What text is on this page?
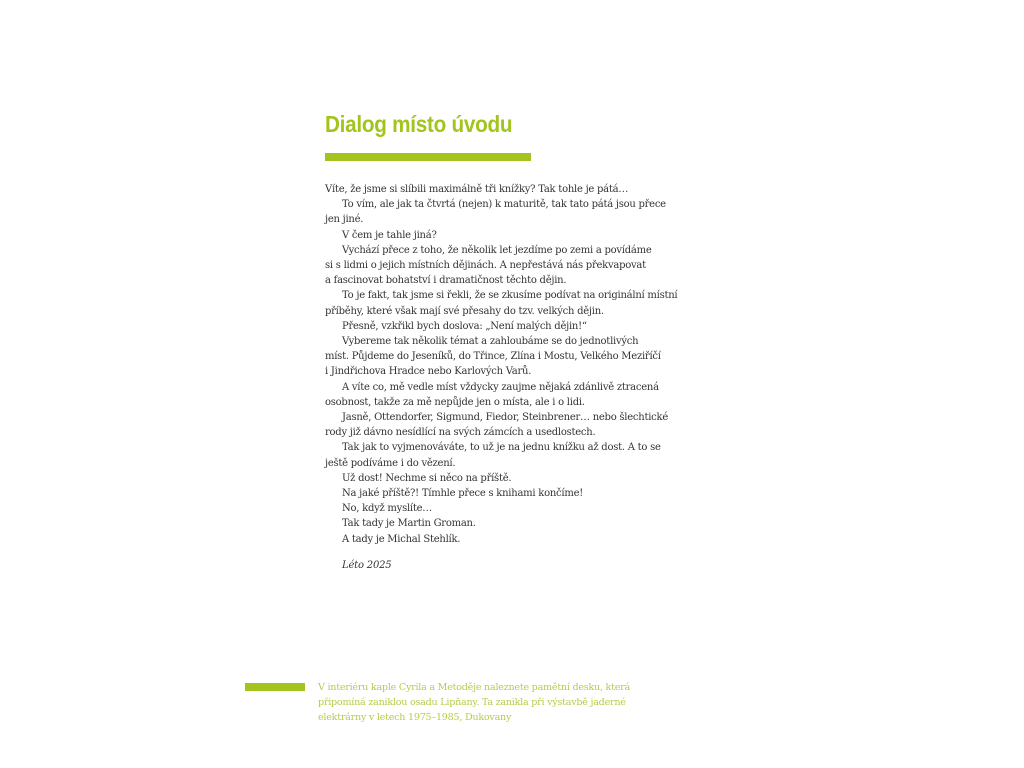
Dialog místo úvodu
Víte, že jsme si slíbili maximálně tři knížky? Tak tohle je pátá…
To vím, ale jak ta čtvrtá (nejen) k maturitě, tak tato pátá jsou přece
jen jiné.
V čem je tahle jiná?
Vychází přece z toho, že několik let jezdíme po zemi a povídáme
si s lidmi o jejich místních dějinách. A nepřestává nás překvapovat
a fascinovat bohatství i dramatičnost těchto dějin.
To je fakt, tak jsme si řekli, že se zkusíme podívat na originální místní
příběhy, které však mají své přesahy do tzv. velkých dějin.
Přesně, vzkřikl bych doslova: „Není malých dějin!“
Vybereme tak několik témat a zahloubáme se do jednotlivých
míst. Půjdeme do Jeseníků, do Třince, Zlína i Mostu, Velkého Meziříčí
i Jindřichova Hradce nebo Karlových Varů.
A víte co, mě vedle míst vždycky zaujme nějaká zdánlivě ztracená
osobnost, takže za mě nepůjde jen o místa, ale i o lidi.
Jasně, Ottendorfer, Sigmund, Fiedor, Steinbrener… nebo šlechtické
rody již dávno nesídlící na svých zámcích a usedlostech.
Tak jak to vyjmenováváte, to už je na jednu knížku až dost. A to se
ještě podíváme i do vězení.
Už dost! Nechme si něco na příště.
Na jaké příště?! Tímhle přece s knihami končíme!
No, když myslíte…
Tak tady je Martin Groman.
A tady je Michal Stehlík.
Léto 2025
V interiéru kaple Cyrila a Metoděje naleznete pamětní desku, která
připomíná zaniklou osadu Lipňany. Ta zanikla při výstavbě jaderné
elektrárny v letech 1975–1985, Dukovany
